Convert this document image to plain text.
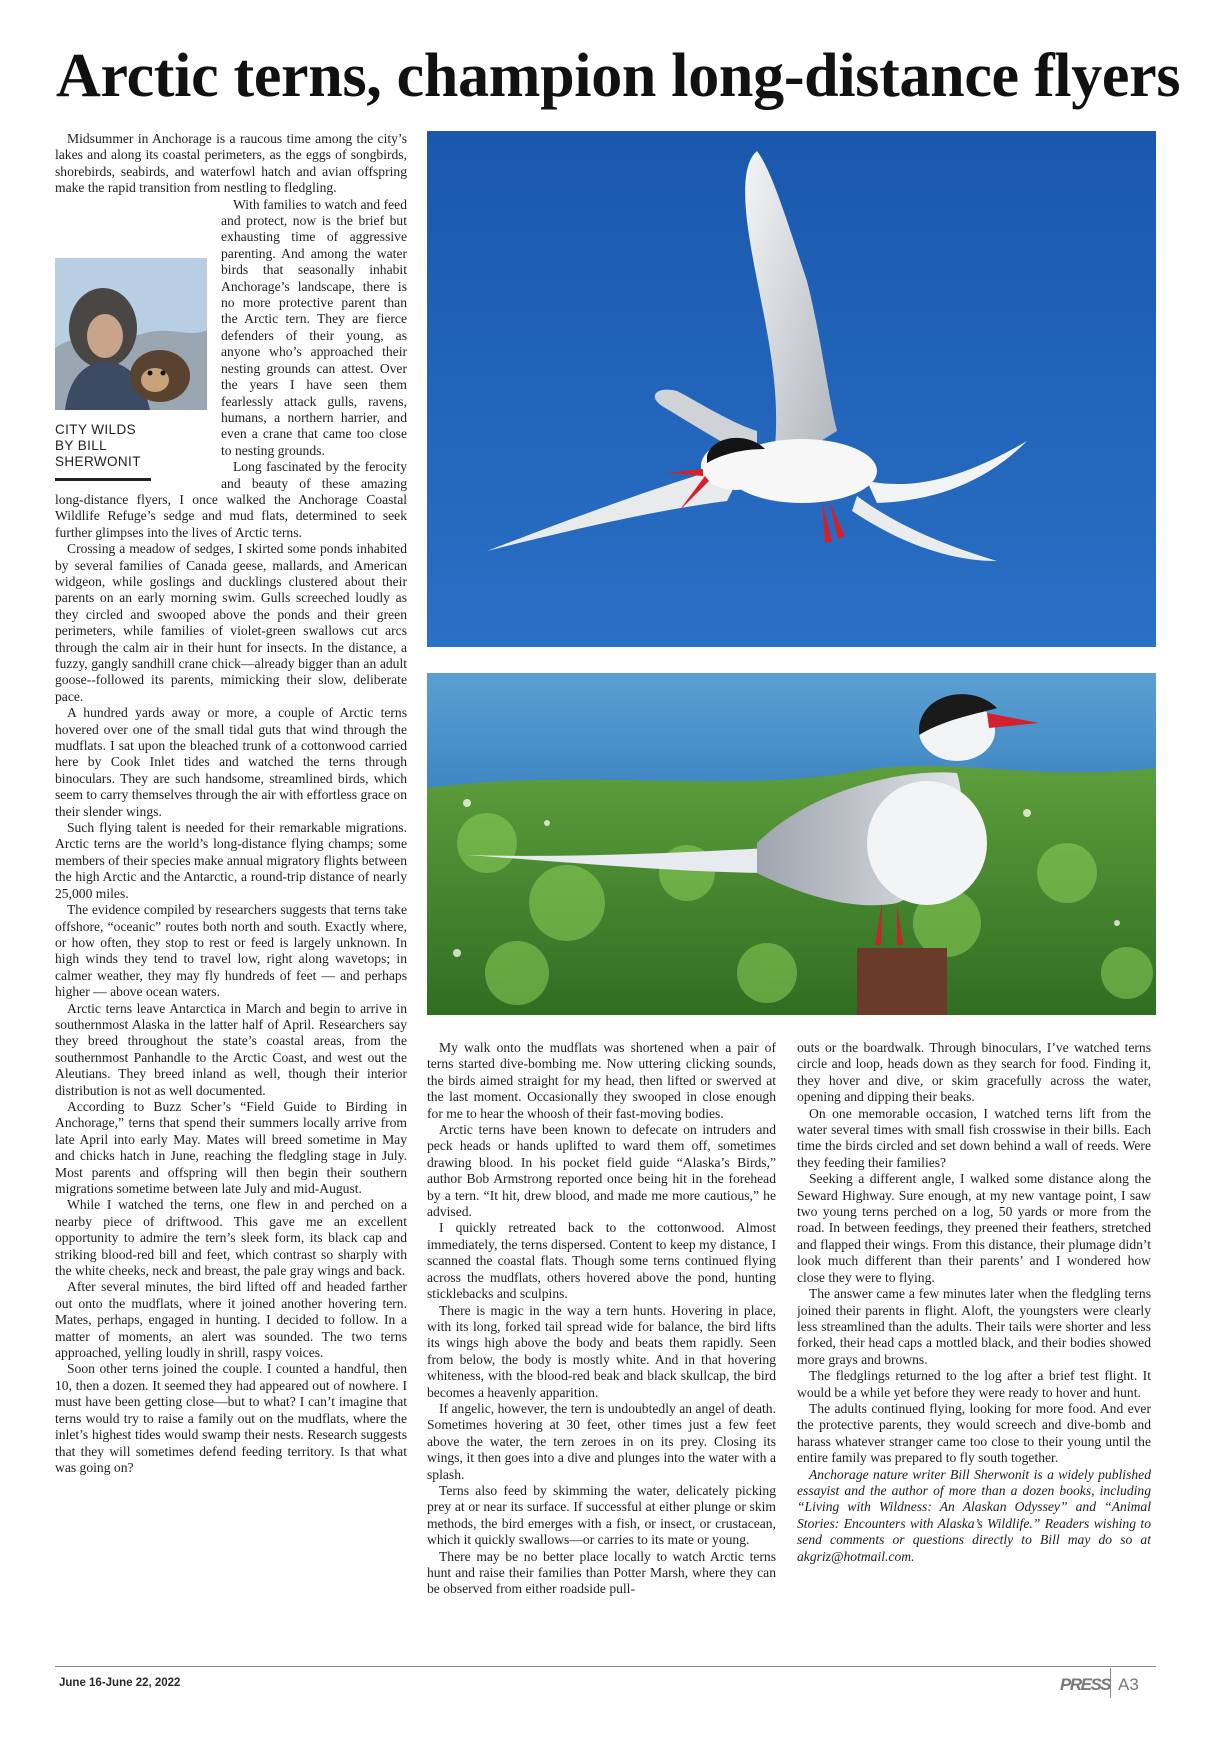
Arctic terns, champion long-distance flyers

Midsummer in Anchorage is a raucous time among the city’s lakes and along its coastal perimeters, as the eggs of songbirds, shorebirds, seabirds, and waterfowl hatch and avian offspring make the rapid transition from nestling to fledgling.

With families to watch and feed and protect, now is the brief but exhausting time of aggressive parenting. And among the water birds that seasonally inhabit Anchorage’s landscape, there is no more protective parent than the Arctic tern. They are fierce defenders of their young, as anyone who’s approached their nesting grounds can attest. Over the years I have seen them fearlessly attack gulls, ravens, humans, a northern harrier, and even a crane that came too close to nesting grounds.

Long fascinated by the ferocity and beauty of these amazing long-distance flyers, I once walked the Anchorage Coastal Wildlife Refuge’s sedge and mud flats, determined to seek further glimpses into the lives of Arctic terns.

Crossing a meadow of sedges, I skirted some ponds inhabited by several families of Canada geese, mallards, and American widgeon, while goslings and ducklings clustered about their parents on an early morning swim. Gulls screeched loudly as they circled and swooped above the ponds and their green perimeters, while families of violet-green swallows cut arcs through the calm air in their hunt for insects. In the distance, a fuzzy, gangly sandhill crane chick—already bigger than an adult goose--followed its parents, mimicking their slow, deliberate pace.

A hundred yards away or more, a couple of Arctic terns hovered over one of the small tidal guts that wind through the mudflats. I sat upon the bleached trunk of a cottonwood carried here by Cook Inlet tides and watched the terns through binoculars. They are such handsome, streamlined birds, which seem to carry themselves through the air with effortless grace on their slender wings.

Such flying talent is needed for their remarkable migrations. Arctic terns are the world’s long-distance flying champs; some members of their species make annual migratory flights between the high Arctic and the Antarctic, a round-trip distance of nearly 25,000 miles.

The evidence compiled by researchers suggests that terns take offshore, “oceanic” routes both north and south. Exactly where, or how often, they stop to rest or feed is largely unknown. In high winds they tend to travel low, right along wavetops; in calmer weather, they may fly hundreds of feet — and perhaps higher — above ocean waters.

Arctic terns leave Antarctica in March and begin to arrive in southernmost Alaska in the latter half of April. Researchers say they breed throughout the state’s coastal areas, from the southernmost Panhandle to the Arctic Coast, and west out the Aleutians. They breed inland as well, though their interior distribution is not as well documented.

According to Buzz Scher’s “Field Guide to Birding in Anchorage,” terns that spend their summers locally arrive from late April into early May. Mates will breed sometime in May and chicks hatch in June, reaching the fledgling stage in July. Most parents and offspring will then begin their southern migrations sometime between late July and mid-August.

While I watched the terns, one flew in and perched on a nearby piece of driftwood. This gave me an excellent opportunity to admire the tern’s sleek form, its black cap and striking blood-red bill and feet, which contrast so sharply with the white cheeks, neck and breast, the pale gray wings and back.

After several minutes, the bird lifted off and headed farther out onto the mudflats, where it joined another hovering tern. Mates, perhaps, engaged in hunting. I decided to follow. In a matter of moments, an alert was sounded. The two terns approached, yelling loudly in shrill, raspy voices.

Soon other terns joined the couple. I counted a handful, then 10, then a dozen. It seemed they had appeared out of nowhere. I must have been getting close—but to what? I can’t imagine that terns would try to raise a family out on the mudflats, where the inlet’s highest tides would swamp their nests. Research suggests that they will sometimes defend feeding territory. Is that what was going on?

My walk onto the mudflats was shortened when a pair of terns started dive-bombing me. Now uttering clicking sounds, the birds aimed straight for my head, then lifted or swerved at the last moment. Occasionally they swooped in close enough for me to hear the whoosh of their fast-moving bodies.

Arctic terns have been known to defecate on intruders and peck heads or hands uplifted to ward them off, sometimes drawing blood. In his pocket field guide “Alaska’s Birds,” author Bob Armstrong reported once being hit in the forehead by a tern. “It hit, drew blood, and made me more cautious,” he advised.

I quickly retreated back to the cottonwood. Almost immediately, the terns dispersed. Content to keep my distance, I scanned the coastal flats. Though some terns continued flying across the mudflats, others hovered above the pond, hunting sticklebacks and sculpins.

There is magic in the way a tern hunts. Hovering in place, with its long, forked tail spread wide for balance, the bird lifts its wings high above the body and beats them rapidly. Seen from below, the body is mostly white. And in that hovering whiteness, with the blood-red beak and black skullcap, the bird becomes a heavenly apparition.

If angelic, however, the tern is undoubtedly an angel of death. Sometimes hovering at 30 feet, other times just a few feet above the water, the tern zeroes in on its prey. Closing its wings, it then goes into a dive and plunges into the water with a splash.

Terns also feed by skimming the water, delicately picking prey at or near its surface. If successful at either plunge or skim methods, the bird emerges with a fish, or insect, or crustacean, which it quickly swallows—or carries to its mate or young.

There may be no better place locally to watch Arctic terns hunt and raise their families than Potter Marsh, where they can be observed from either roadside pull-

outs or the boardwalk. Through binoculars, I’ve watched terns circle and loop, heads down as they search for food. Finding it, they hover and dive, or skim gracefully across the water, opening and dipping their beaks.

On one memorable occasion, I watched terns lift from the water several times with small fish crosswise in their bills. Each time the birds circled and set down behind a wall of reeds. Were they feeding their families?

Seeking a different angle, I walked some distance along the Seward Highway. Sure enough, at my new vantage point, I saw two young terns perched on a log, 50 yards or more from the road. In between feedings, they preened their feathers, stretched and flapped their wings. From this distance, their plumage didn’t look much different than their parents’ and I wondered how close they were to flying.

The answer came a few minutes later when the fledgling terns joined their parents in flight. Aloft, the youngsters were clearly less streamlined than the adults. Their tails were shorter and less forked, their head caps a mottled black, and their bodies showed more grays and browns.

The fledglings returned to the log after a brief test flight. It would be a while yet before they were ready to hover and hunt.

The adults continued flying, looking for more food. And ever the protective parents, they would screech and dive-bomb and harass whatever stranger came too close to their young until the entire family was prepared to fly south together.

Anchorage nature writer Bill Sherwonit is a widely published essayist and the author of more than a dozen books, including “Living with Wildness: An Alaskan Odyssey” and “Animal Stories: Encounters with Alaska’s Wildlife.” Readers wishing to send comments or questions directly to Bill may do so at akgriz@hotmail.com.

CITY WILDS
BY BILL
SHERWONIT
June 16-June 22, 2022	PRESS A3
